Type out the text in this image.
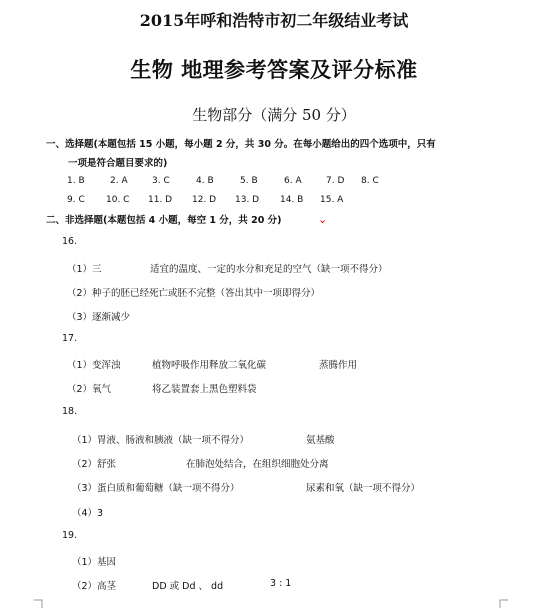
2015年呼和浩特市初二年级结业考试
生物 地理参考答案及评分标准
生物部分（满分 50 分）
一、选择题(本题包括 15 小题，每小题 2 分，共 30 分。在每小题给出的四个选项中，只有
一项是符合题目要求的)
1. B	2. A	3. C	4. B	5. B	6. A	7. D 8. C
9. C 10. C 11. D 12. D 13. D 14. B 15. A
二、非选择题(本题包括 4 小题，每空 1 分，共 20 分)	⌄
16.
（1）三	适宜的温度、一定的水分和充足的空气（缺一项不得分）
（2）种子的胚已经死亡或胚不完整（答出其中一项即得分）
（3）逐渐减少
17.
（1）变浑浊	植物呼吸作用释放二氧化碳	蒸腾作用
（2）氧气	将乙装置套上黑色塑料袋
18.
（1）胃液、肠液和胰液（缺一项不得分）	氨基酸
（2）舒张	在肺泡处结合，在组织细胞处分离
（3）蛋白质和葡萄糖（缺一项不得分）	尿素和氧（缺一项不得分）
（4）3
19.
（1）基因
（2）高茎	DD 或 Dd 、 dd	3 : 1
